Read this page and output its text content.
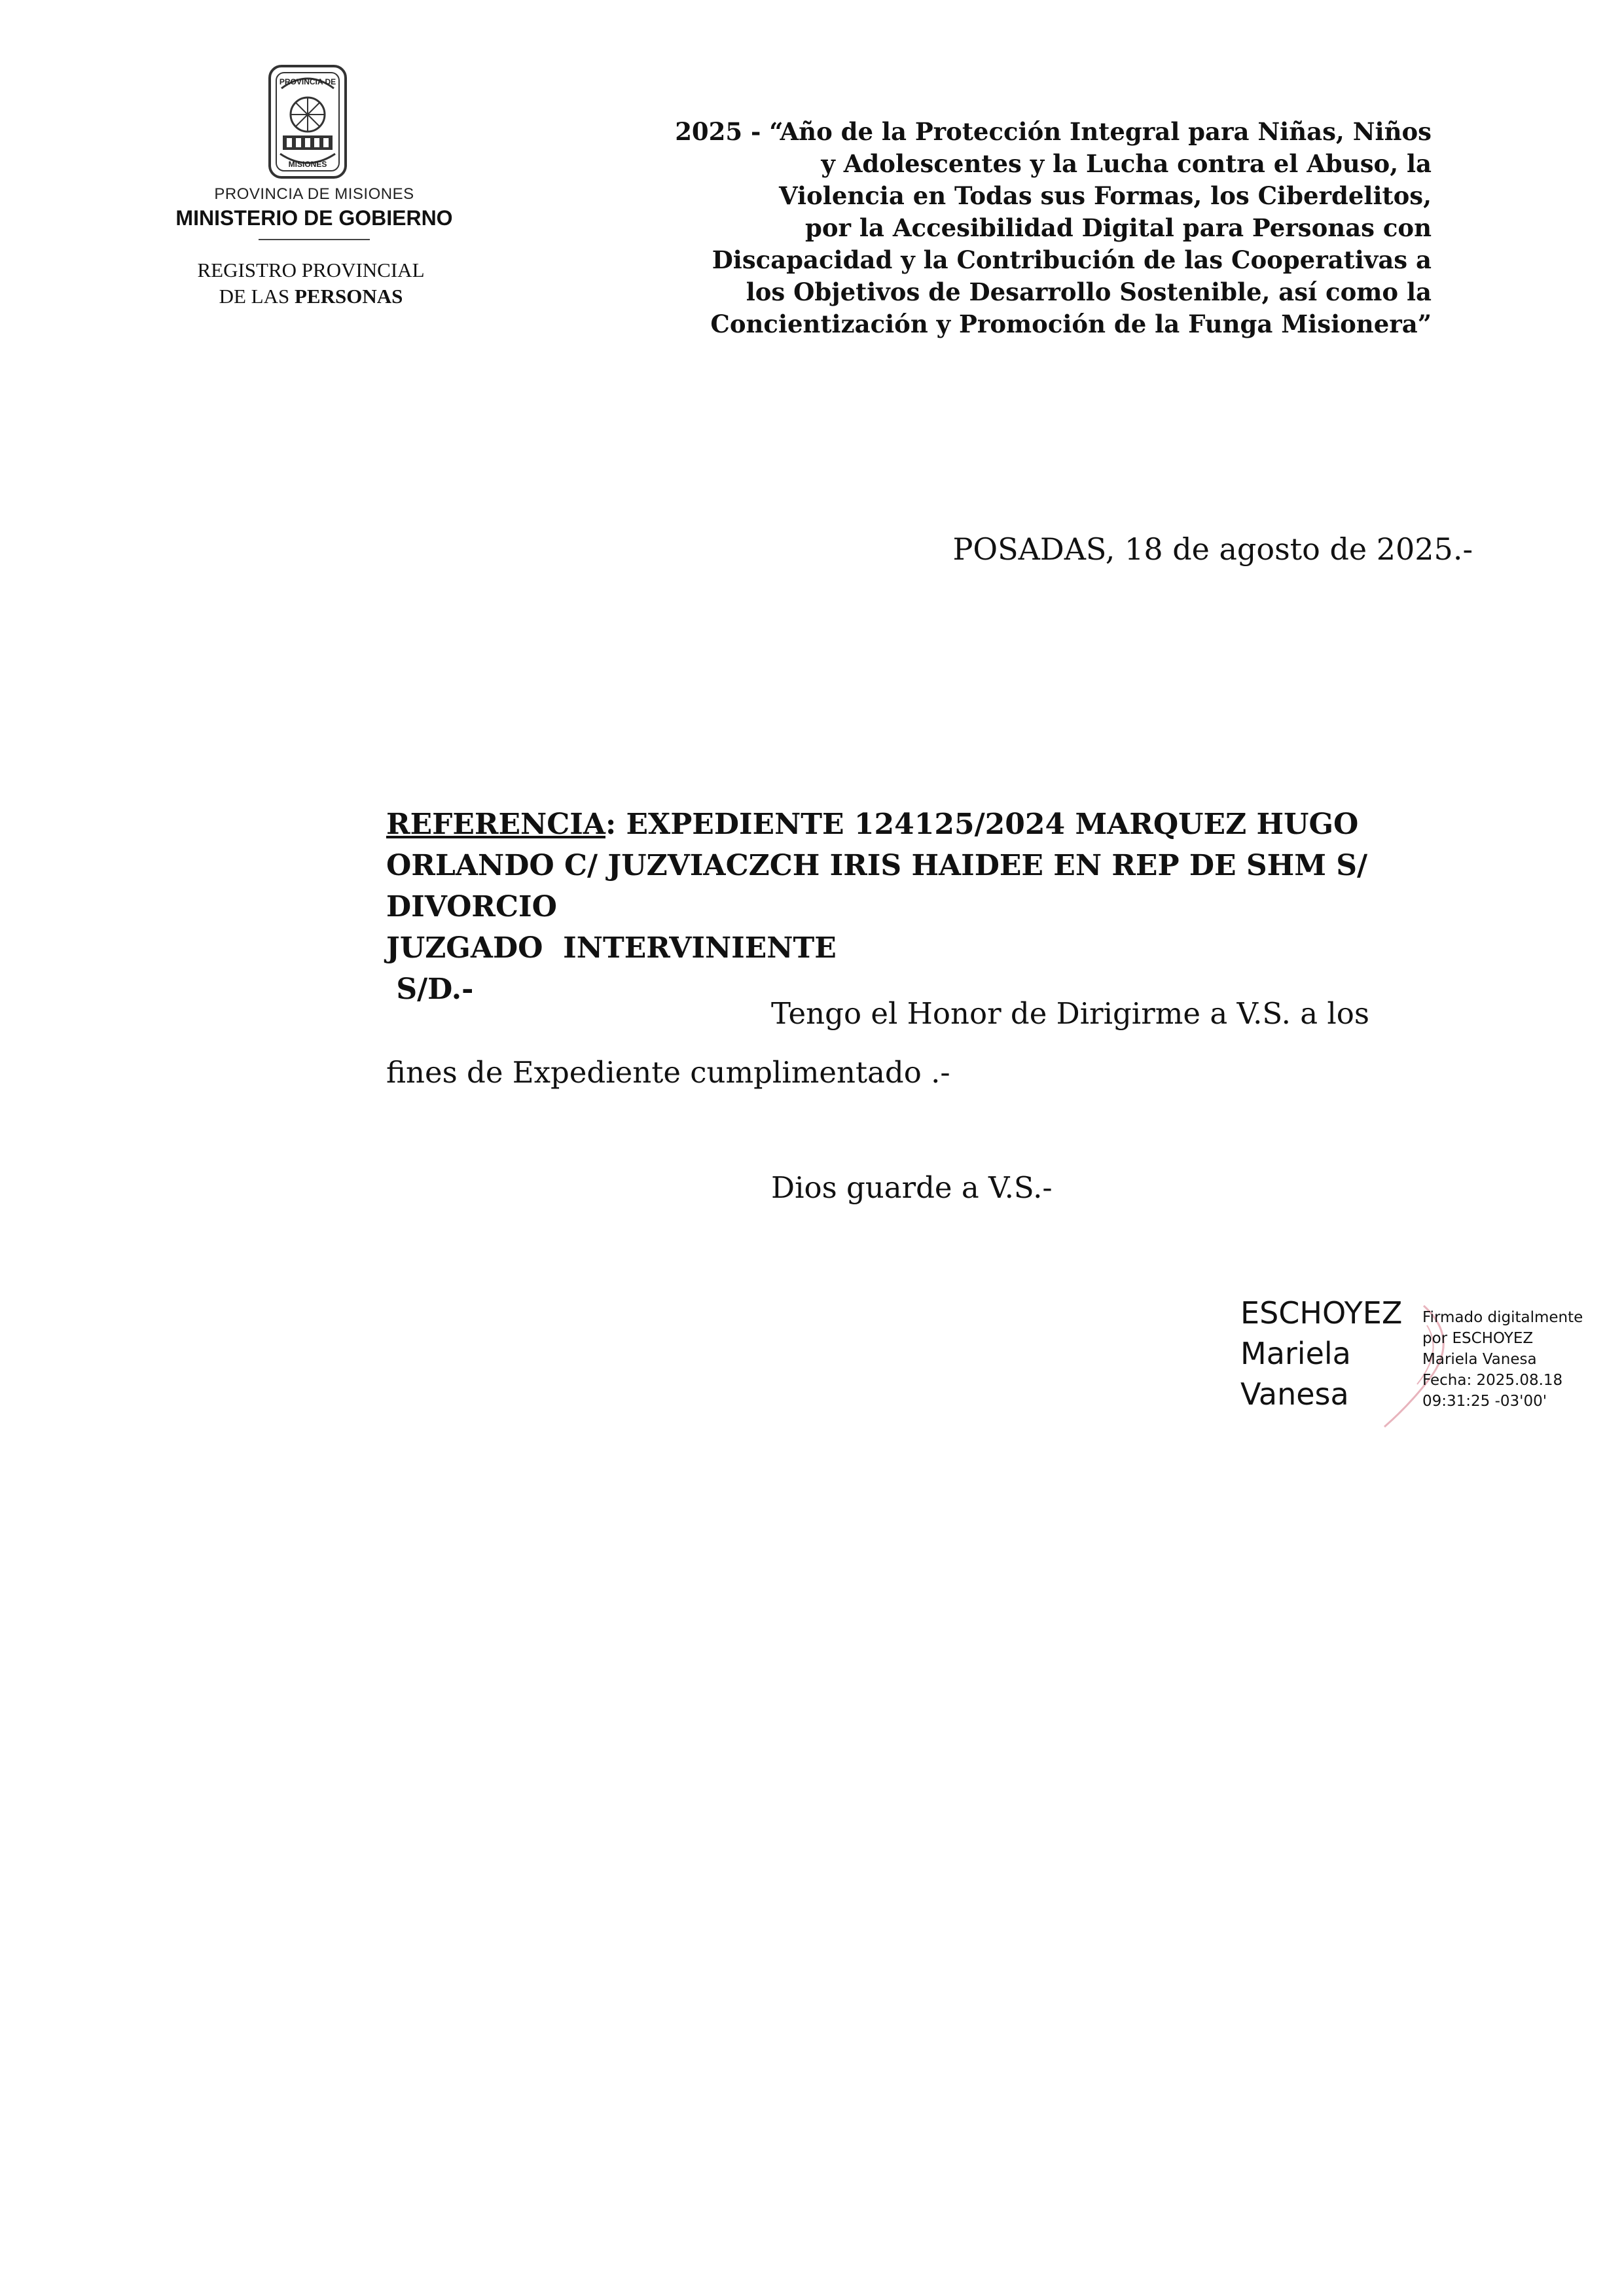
PROVINCIA DE
MISIONES
PROVINCIA DE MISIONES
MINISTERIO DE GOBIERNO
REGISTRO PROVINCIAL
DE LAS PERSONAS
2025 - “Año de la Protección Integral para Niñas, Niños
y Adolescentes y la Lucha contra el Abuso, la
Violencia en Todas sus Formas, los Ciberdelitos,
por la Accesibilidad Digital para Personas con
Discapacidad y la Contribución de las Cooperativas a
los Objetivos de Desarrollo Sostenible, así como la
Concientización y Promoción de la Funga Misionera”
POSADAS, 18 de agosto de 2025.-
REFERENCIA: EXPEDIENTE 124125/2024 MARQUEZ HUGO
ORLANDO C/ JUZVIACZCH IRIS HAIDEE EN REP DE SHM S/
DIVORCIO
JUZGADO  INTERVINIENTE
S/D.-
Tengo el Honor de Dirigirme a V.S. a los
fines de Expediente cumplimentado .-
Dios guarde a V.S.-
ESCHOYEZ
Mariela
Vanesa
Firmado digitalmente
por ESCHOYEZ
Mariela Vanesa
Fecha: 2025.08.18
09:31:25 -03'00'
